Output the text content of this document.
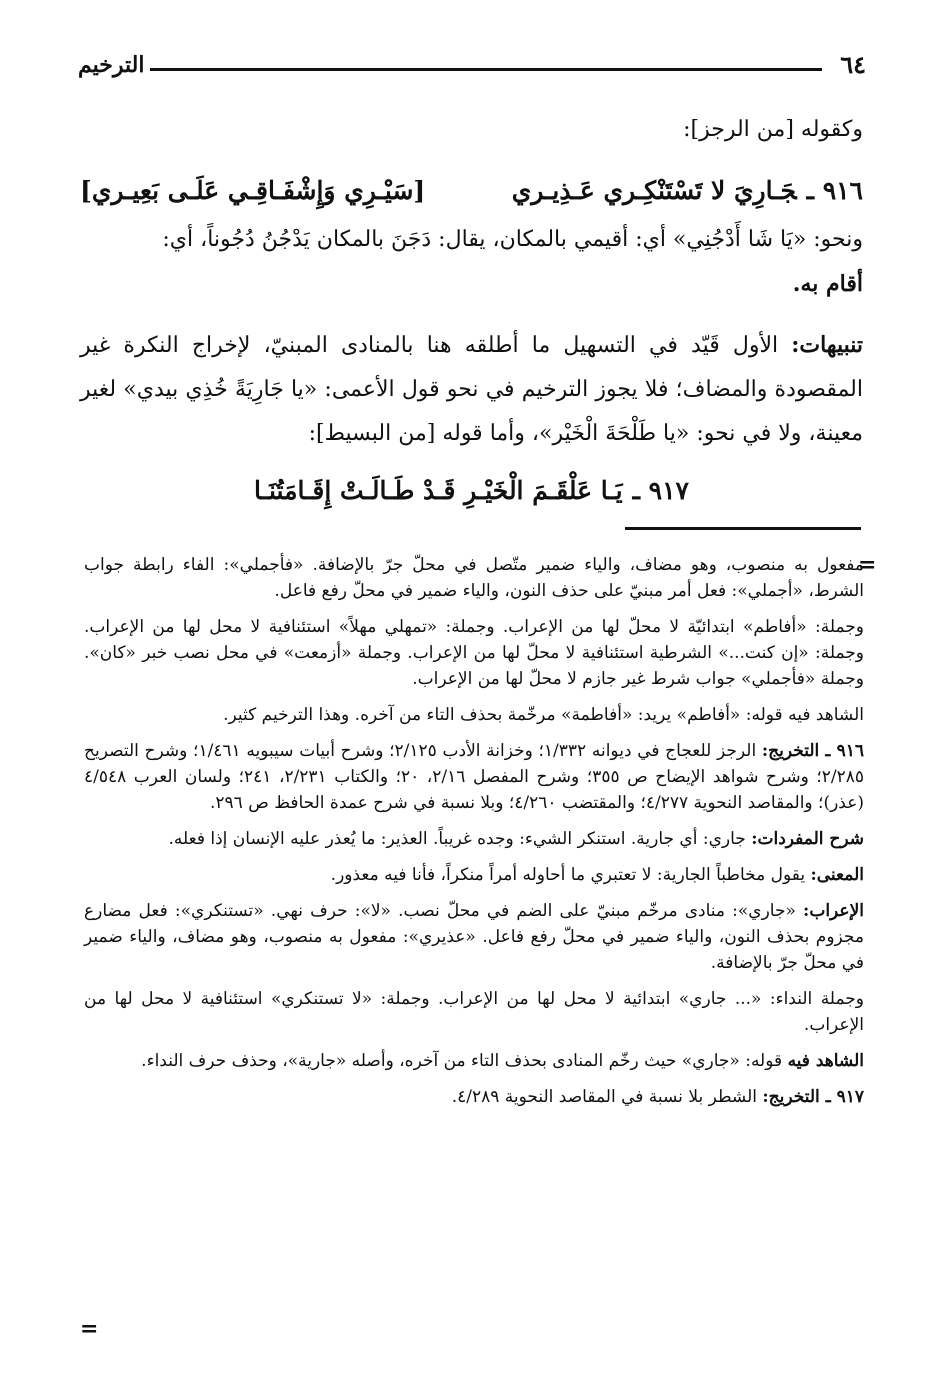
٦٤
الترخيم

وكقوله [من الرجز]:

٩١٦ ـجَـارِيَ لا تَسْتَنْكِـري عَـذِيـري
[سَيْـرِي وَإِشْفَـاقِـي عَلَـى بَعِيـري]

ونحو: «يَا شَا أَدْجُنِي» أي: أقيمي بالمكان، يقال: دَجَنَ بالمكان يَدْجُنُ دُجُوناً، أي:
أقام به.

تنبيهات: الأول قَيّد في التسهيل ما أطلقه هنا بالمنادى المبنيّ، لإخراج النكرة غير المقصودة والمضاف؛ فلا يجوز الترخيم في نحو قول الأعمى: «يا جَارِيَةً خُذِي بيدي» لغير معينة، ولا في نحو: «يا طَلْحَةَ الْخَيْر»، وأما قوله [من البسيط]:

٩١٧ ـ
يَـا عَلْقَـمَ الْخَيْـرِ قَـدْ طَـالَـتْ إِقَـامَتُنَـا
=

مفعول به منصوب، وهو مضاف، والياء ضمير متّصل في محلّ جرّ بالإضافة. «فأجملي»: الفاء رابطة جواب الشرط، «أجملي»: فعل أمر مبنيّ على حذف النون، والياء ضمير في محلّ رفع فاعل.

وجملة: «أفاطم» ابتدائيّة لا محلّ لها من الإعراب. وجملة: «تمهلي مهلاً» استئنافية لا محل لها من الإعراب. وجملة: «إن كنت...» الشرطية استئنافية لا محلّ لها من الإعراب. وجملة «أزمعت» في محل نصب خبر «كان». وجملة «فأجملي» جواب شرط غير جازم لا محلّ لها من الإعراب.

الشاهد فيه قوله: «أفاطم» يريد: «أفاطمة» مرخّمة بحذف التاء من آخره. وهذا الترخيم كثير.

٩١٦ ـ التخريج: الرجز للعجاج في ديوانه ١/٣٣٢؛ وخزانة الأدب ٢/١٢٥؛ وشرح أبيات سيبويه ١/٤٦١؛ وشرح التصريح ٢/٢٨٥؛ وشرح شواهد الإيضاح ص ٣٥٥؛ وشرح المفصل ٢/١٦، ٢٠؛ والكتاب ٢/٢٣١، ٢٤١؛ ولسان العرب ٤/٥٤٨ (عذر)؛ والمقاصد النحوية ٤/٢٧٧؛ والمقتضب ٤/٢٦٠؛ وبلا نسبة في شرح عمدة الحافظ ص ٢٩٦.

شرح المفردات: جاري: أي جارية. استنكر الشيء: وجده غريباً. العذير: ما يُعذر عليه الإنسان إذا فعله.

المعنى: يقول مخاطباً الجارية: لا تعتبري ما أحاوله أمراً منكراً، فأنا فيه معذور.

الإعراب: «جاري»: منادى مرخّم مبنيّ على الضم في محلّ نصب. «لا»: حرف نهي. «تستنكري»: فعل مضارع مجزوم بحذف النون، والياء ضمير في محلّ رفع فاعل. «عذيري»: مفعول به منصوب، وهو مضاف، والياء ضمير في محلّ جرّ بالإضافة.

وجملة النداء: «... جاري» ابتدائية لا محل لها من الإعراب. وجملة: «لا تستنكري» استئنافية لا محل لها من الإعراب.

الشاهد فيه قوله: «جاري» حيث رخّم المنادى بحذف التاء من آخره، وأصله «جارية»، وحذف حرف النداء.

٩١٧ ـ التخريج: الشطر بلا نسبة في المقاصد النحوية ٤/٢٨٩.

=
